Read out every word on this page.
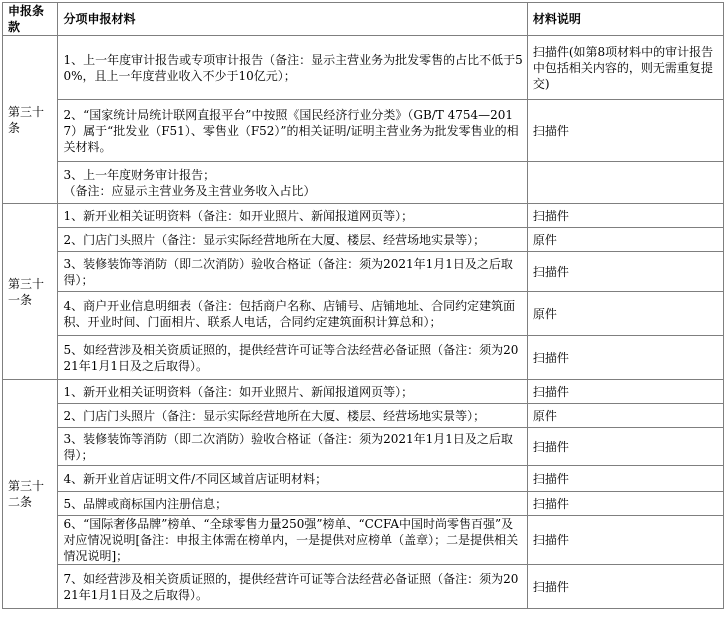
申报条款	分项申报材料	材料说明
第三十条	1、上一年度审计报告或专项审计报告（备注：显示主营业务为批发零售的占比不低于50%，且上一年度营业收入不少于10亿元）；	扫描件(如第8项材料中的审计报告中包括相关内容的，则无需重复提交)
	2、“国家统计局统计联网直报平台”中按照《国民经济行业分类》（GB/T 4754—2017）属于“批发业（F51）、零售业（F52）”的相关证明/证明主营业务为批发零售业的相关材料。	扫描件
	3、上一年度财务审计报告；
（备注：应显示主营业务及主营业务收入占比）	
第三十一条	1、新开业相关证明资料（备注：如开业照片、新闻报道网页等）；	扫描件
	2、门店门头照片（备注：显示实际经营地所在大厦、楼层、经营场地实景等）；	原件
	3、装修装饰等消防（即二次消防）验收合格证（备注：须为2021年1月1日及之后取得）；	扫描件
	4、商户开业信息明细表（备注：包括商户名称、店铺号、店铺地址、合同约定建筑面积、开业时间、门面相片、联系人电话，合同约定建筑面积计算总和）；	原件
	5、如经营涉及相关资质证照的，提供经营许可证等合法经营必备证照（备注：须为2021年1月1日及之后取得）。	扫描件
第三十二条	1、新开业相关证明资料（备注：如开业照片、新闻报道网页等）；	扫描件
	2、门店门头照片（备注：显示实际经营地所在大厦、楼层、经营场地实景等）；	原件
	3、装修装饰等消防（即二次消防）验收合格证（备注：须为2021年1月1日及之后取得）；	扫描件
	4、新开业首店证明文件/不同区域首店证明材料；	扫描件
	5、品牌或商标国内注册信息；	扫描件
	6、“国际奢侈品牌”榜单、“全球零售力量250强”榜单、“CCFA中国时尚零售百强”及对应情况说明[备注：申报主体需在榜单内，一是提供对应榜单（盖章）；二是提供相关情况说明]；	扫描件
	7、如经营涉及相关资质证照的，提供经营许可证等合法经营必备证照（备注：须为2021年1月1日及之后取得）。	扫描件
